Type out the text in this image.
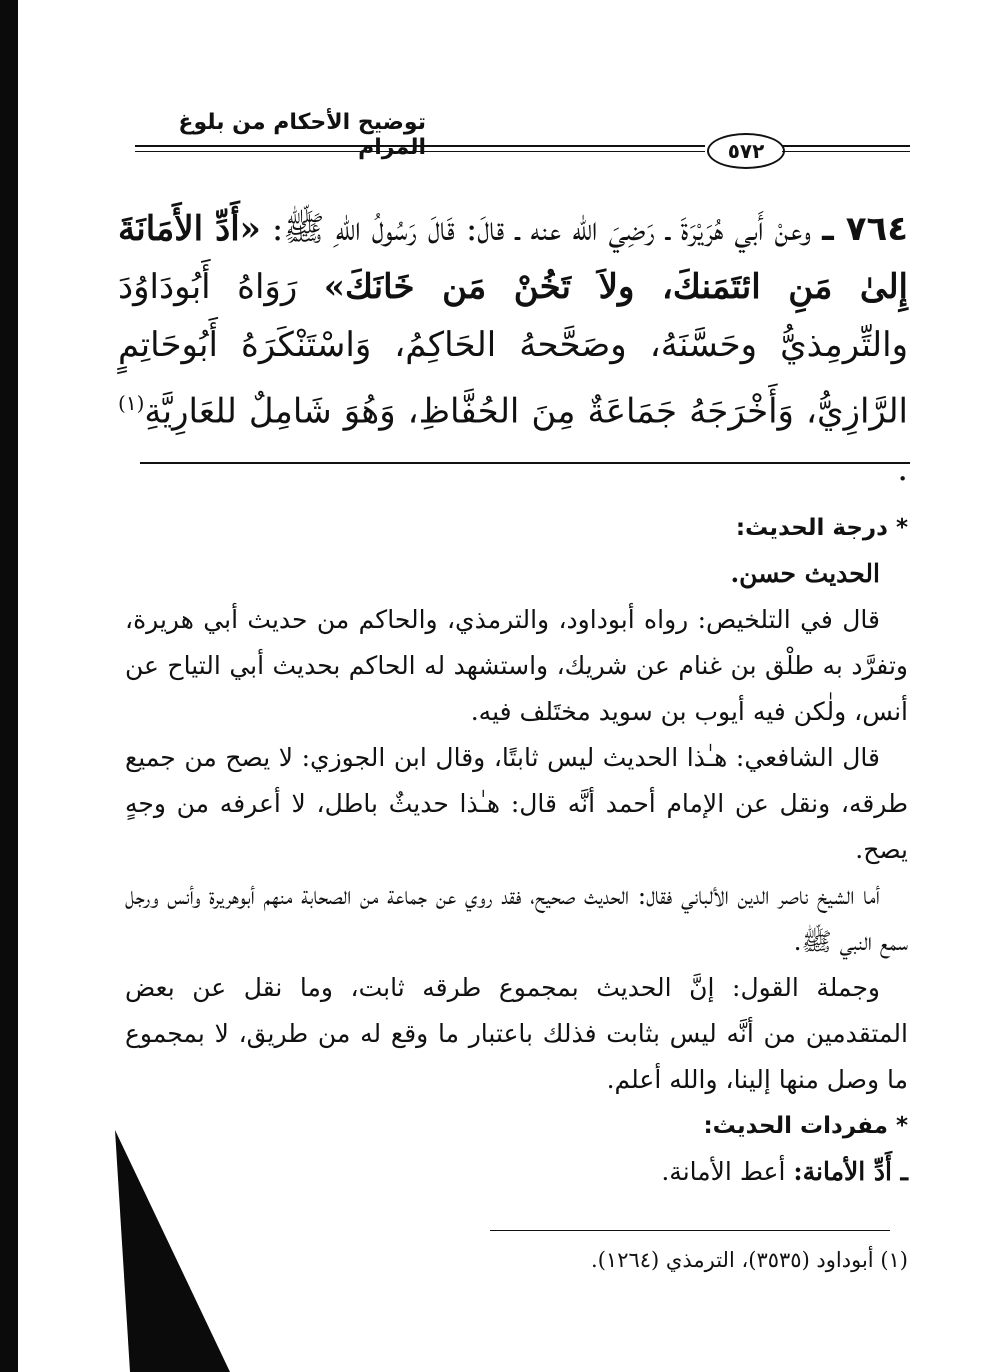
توضيح الأحكام من بلوغ المرام	٥٧٢
٧٦٤ ـ وعنْ أَبي هُرَيْرَةَ ـ رَضِيَ الله عنه ـ قالَ: قَالَ رَسُولُ اللهِ ﷺ: «أَدِّ الأَمَانَةَ إِلىٰ مَنِ ائتَمَنكَ، ولاَ تَخُنْ مَن خَانَكَ» رَوَاهُ أَبُودَاوُدَ والتِّرمِذيُّ وحَسَّنَهُ، وصَحَّحهُ الحَاكِمُ، وَاسْتَنْكَرَهُ أَبُوحَاتِمٍ الرَّازِيُّ، وَأَخْرَجَهُ جَمَاعَةٌ مِنَ الحُفَّاظِ، وَهُوَ شَامِلٌ للعَارِيَّةِ$^{(١)}$ .

* درجة الحديث:

الحديث حسن.

قال في التلخيص: رواه أبوداود، والترمذي، والحاكم من حديث أبي هريرة، وتفرَّد به طلْق بن غنام عن شريك، واستشهد له الحاكم بحديث أبي التياح عن أنس، ولٰكن فيه أيوب بن سويد مختَلف فيه.

قال الشافعي: هـٰذا الحديث ليس ثابتًا، وقال ابن الجوزي: لا يصح من جميع طرقه، ونقل عن الإمام أحمد أنَّه قال: هـٰذا حديثٌ باطل، لا أعرفه من وجهٍ يصح.

أما الشيخ ناصر الدين الألباني فقال: الحديث صحيح، فقد روي عن جماعة من الصحابة منهم أبوهريرة وأنس ورجل سمع النبي ﷺ.

وجملة القول: إنَّ الحديث بمجموع طرقه ثابت، وما نقل عن بعض المتقدمين من أنَّه ليس بثابت فذلك باعتبار ما وقع له من طريق، لا بمجموع ما وصل منها إلينا، والله أعلم.

* مفردات الحديث:

ـ أَدِّ الأمانة: أعط الأمانة.

(١) أبوداود (٣٥٣٥)، الترمذي (١٢٦٤).
